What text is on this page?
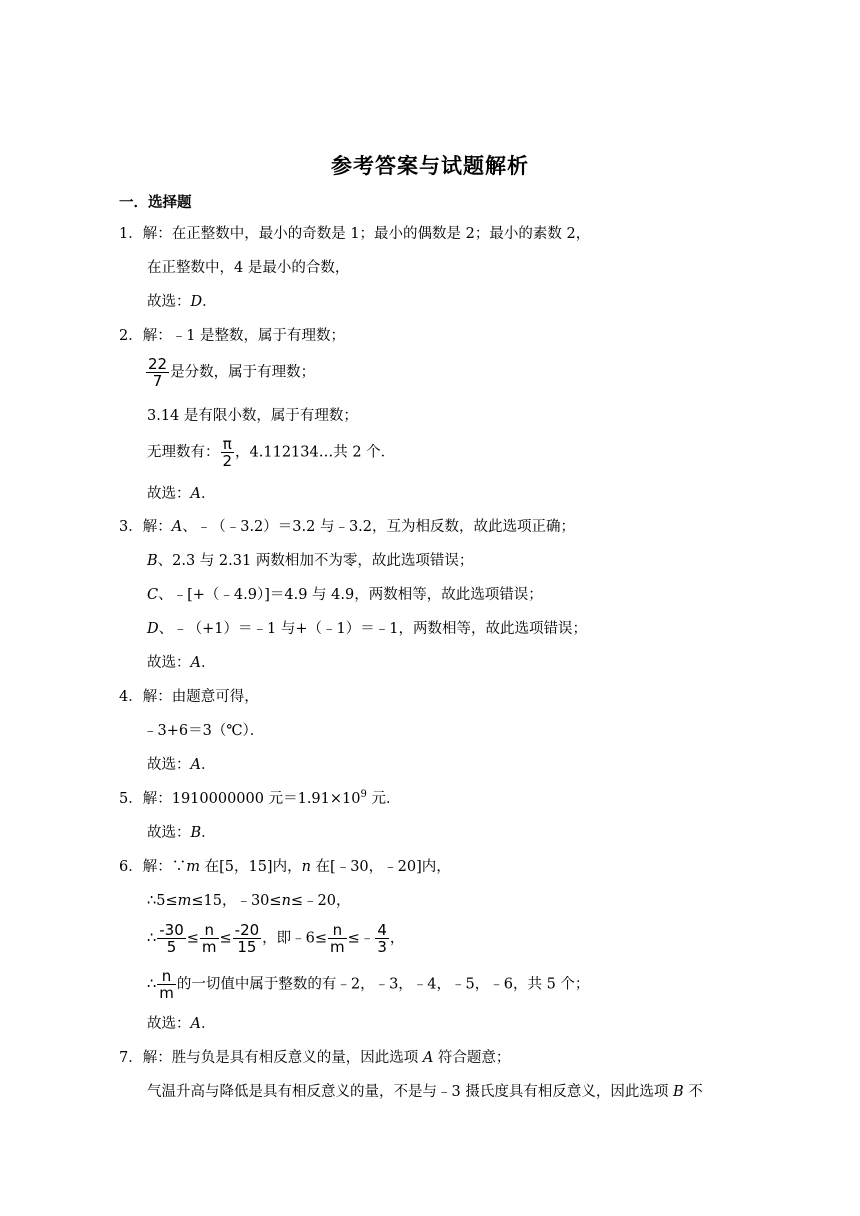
参考答案与试题解析
一．选择题
1．解：在正整数中，最小的奇数是 1；最小的偶数是 2；最小的素数 2，
在正整数中，4 是最小的合数，
故选：D．
2．解：﹣1 是整数，属于有理数；
$\frac{22}{7}$ 是分数，属于有理数；
3.14 是有限小数，属于有理数；
无理数有： $\frac{\pi}{2}$ ，4.112134…共 2 个．
故选：A．
3．解：A、﹣（﹣3.2）＝3.2 与﹣3.2，互为相反数，故此选项正确；
B、2.3 与 2.31 两数相加不为零，故此选项错误；
C、﹣[+（﹣4.9）]＝4.9 与 4.9，两数相等，故此选项错误；
D、﹣（+1）＝﹣1 与+（﹣1）＝﹣1，两数相等，故此选项错误；
故选：A．
4．解：由题意可得，
﹣3+6＝3（℃）．
故选：A．
5．解：1910000000 元$=1.91\times 10^9$ 元．
故选：B．
6．解：∵m 在[5，15]内，n 在[﹣30，﹣20]内，
∴5≤m≤15，﹣30≤n≤﹣20，
∴ $\frac{-30}{5} \le \frac{n}{m} \le \frac{-20}{15}$ ，即﹣6≤ $\frac{n}{m}$ ≤﹣ $\frac{4}{3}$ ，
∴ $\frac{n}{m}$ 的一切值中属于整数的有﹣2，﹣3，﹣4，﹣5，﹣6，共 5 个；
故选：A．
7．解：胜与负是具有相反意义的量，因此选项 A 符合题意；
气温升高与降低是具有相反意义的量，不是与﹣3 摄氏度具有相反意义，因此选项 B 不
